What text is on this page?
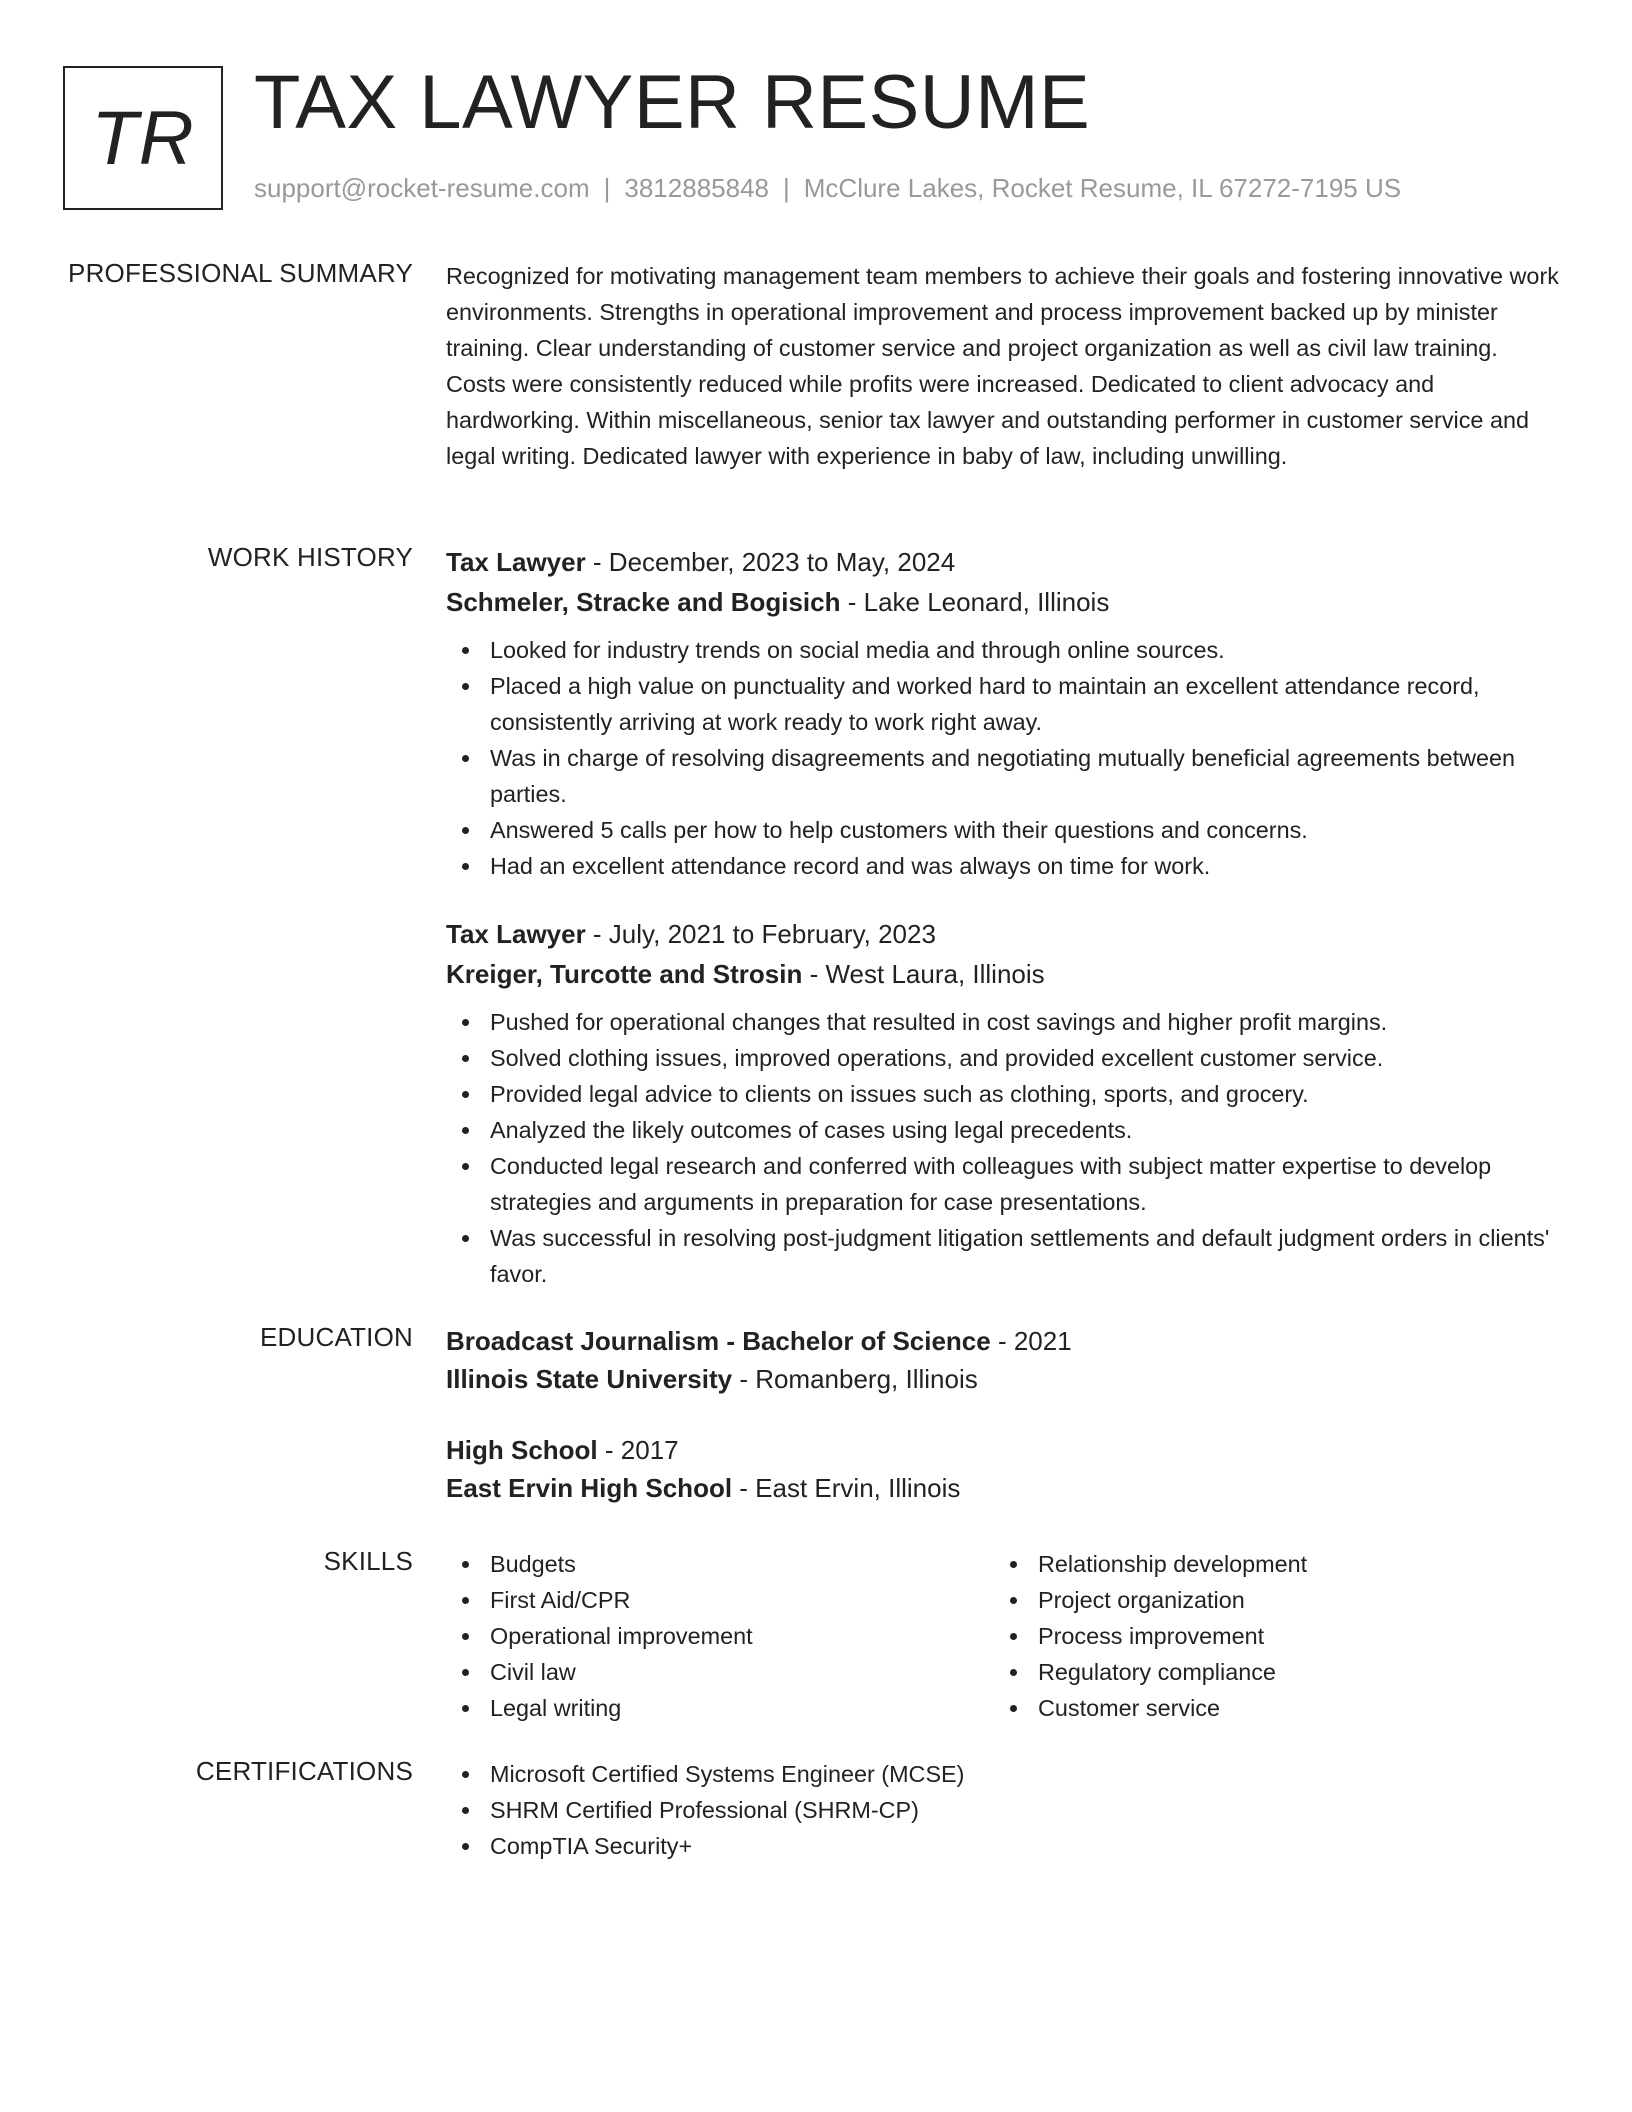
TR TAX LAWYER RESUME
support@rocket-resume.com | 3812885848 | McClure Lakes, Rocket Resume, IL 67272-7195 US
PROFESSIONAL SUMMARY Recognized for motivating management team members to achieve their goals and fostering innovative work environments. Strengths in operational improvement and process improvement backed up by minister training. Clear understanding of customer service and project organization as well as civil law training. Costs were consistently reduced while profits were increased. Dedicated to client advocacy and hardworking. Within miscellaneous, senior tax lawyer and outstanding performer in customer service and legal writing. Dedicated lawyer with experience in baby of law, including unwilling.
WORK HISTORY Tax Lawyer - December, 2023 to May, 2024
Schmeler, Stracke and Bogisich - Lake Leonard, Illinois
Looked for industry trends on social media and through online sources.
Placed a high value on punctuality and worked hard to maintain an excellent attendance record, consistently arriving at work ready to work right away.
Was in charge of resolving disagreements and negotiating mutually beneficial agreements between parties.
Answered 5 calls per how to help customers with their questions and concerns.
Had an excellent attendance record and was always on time for work.
Tax Lawyer - July, 2021 to February, 2023
Kreiger, Turcotte and Strosin - West Laura, Illinois
Pushed for operational changes that resulted in cost savings and higher profit margins.
Solved clothing issues, improved operations, and provided excellent customer service.
Provided legal advice to clients on issues such as clothing, sports, and grocery.
Analyzed the likely outcomes of cases using legal precedents.
Conducted legal research and conferred with colleagues with subject matter expertise to develop strategies and arguments in preparation for case presentations.
Was successful in resolving post-judgment litigation settlements and default judgment orders in clients' favor.
EDUCATION Broadcast Journalism - Bachelor of Science - 2021
Illinois State University - Romanberg, Illinois
High School - 2017
East Ervin High School - East Ervin, Illinois
SKILLS	Budgets
First Aid/CPR
Operational improvement
Civil law
Legal writing
Relationship development
Project organization
Process improvement
Regulatory compliance
Customer service
CERTIFICATIONS	Microsoft Certified Systems Engineer (MCSE)
SHRM Certified Professional (SHRM-CP)
CompTIA Security+
